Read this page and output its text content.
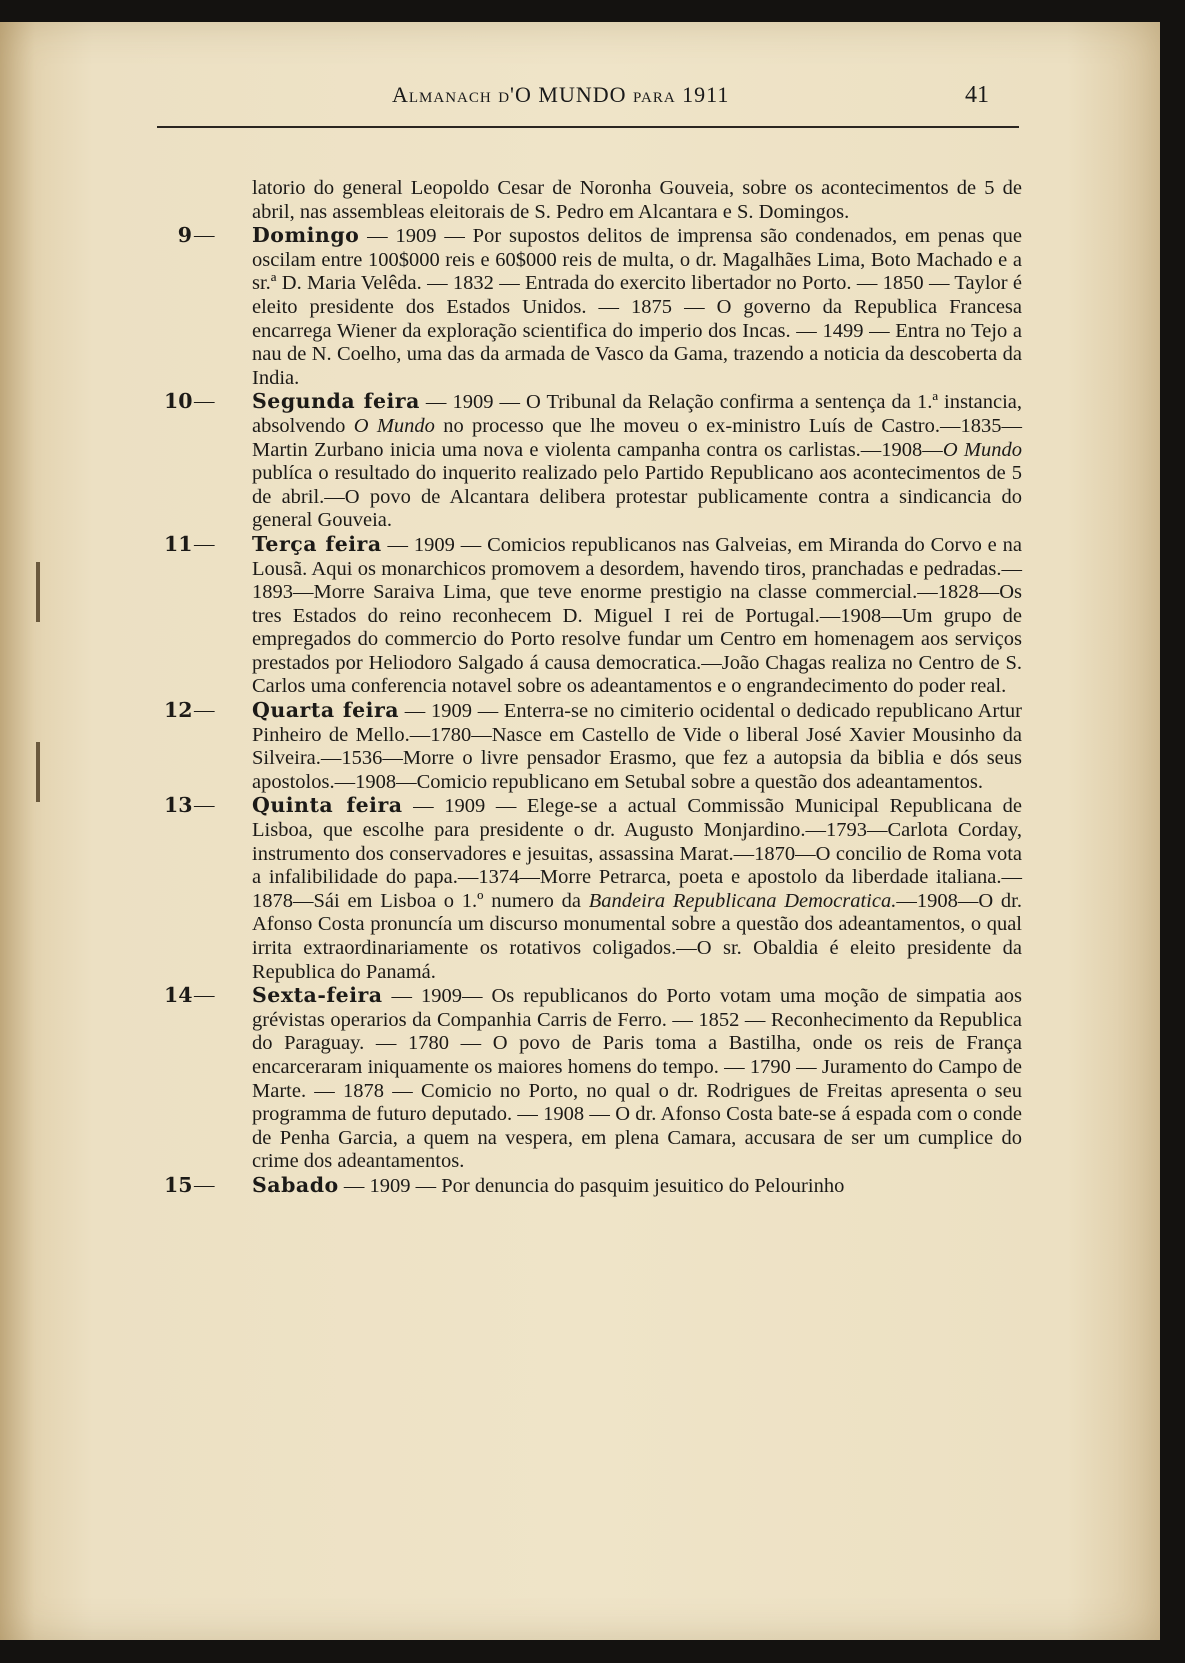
Almanach d'O MUNDO para 1911	41

latorio do general Leopoldo Cesar de Noronha Gouveia, sobre os acontecimentos de 5 de abril, nas assembleas eleitorais de S. Pedro em Alcantara e S. Domingos.

9 — Domingo — 1909 — Por supostos delitos de imprensa são condenados, em penas que oscilam entre 100$000 reis e 60$000 reis de multa, o dr. Magalhães Lima, Boto Machado e a sr.ª D. Maria Velêda. — 1832 — Entrada do exercito libertador no Porto. — 1850 — Taylor é eleito presidente dos Estados Unidos. — 1875 — O governo da Republica Francesa encarrega Wiener da exploração scientifica do imperio dos Incas. — 1499 — Entra no Tejo a nau de N. Coelho, uma das da armada de Vasco da Gama, trazendo a noticia da descoberta da India.

10 — Segunda feira — 1909 — O Tribunal da Relação confirma a sentença da 1.ª instancia, absolvendo O Mundo no processo que lhe moveu o ex-ministro Luís de Castro.—1835—Martin Zurbano inicia uma nova e violenta campanha contra os carlistas.—1908—O Mundo publíca o resultado do inquerito realizado pelo Partido Republicano aos acontecimentos de 5 de abril.—O povo de Alcantara delibera protestar publicamente contra a sindicancia do general Gouveia.

11 — Terça feira — 1909 — Comicios republicanos nas Galveias, em Miranda do Corvo e na Lousã. Aqui os monarchicos promovem a desordem, havendo tiros, pranchadas e pedradas.—1893—Morre Saraiva Lima, que teve enorme prestigio na classe commercial.—1828—Os tres Estados do reino reconhecem D. Miguel I rei de Portugal.—1908—Um grupo de empregados do commercio do Porto resolve fundar um Centro em homenagem aos serviços prestados por Heliodoro Salgado á causa democratica.—João Chagas realiza no Centro de S. Carlos uma conferencia notavel sobre os adeantamentos e o engrandecimento do poder real.

12 — Quarta feira — 1909 — Enterra-se no cimiterio ocidental o dedicado republicano Artur Pinheiro de Mello.—1780—Nasce em Castello de Vide o liberal José Xavier Mousinho da Silveira.—1536—Morre o livre pensador Erasmo, que fez a autopsia da biblia e dós seus apostolos.—1908—Comicio republicano em Setubal sobre a questão dos adeantamentos.

13 — Quinta feira — 1909 — Elege-se a actual Commissão Municipal Republicana de Lisboa, que escolhe para presidente o dr. Augusto Monjardino.—1793—Carlota Corday, instrumento dos conservadores e jesuitas, assassina Marat.—1870—O concilio de Roma vota a infalibilidade do papa.—1374—Morre Petrarca, poeta e apostolo da liberdade italiana.—1878—Sái em Lisboa o 1.º numero da Bandeira Republicana Democratica.—1908—O dr. Afonso Costa pronuncía um discurso monumental sobre a questão dos adeantamentos, o qual irrita extraordinariamente os rotativos coligados.—O sr. Obaldia é eleito presidente da Republica do Panamá.

14 — Sexta-feira — 1909— Os republicanos do Porto votam uma moção de simpatia aos grévistas operarios da Companhia Carris de Ferro. — 1852 — Reconhecimento da Republica do Paraguay. — 1780 — O povo de Paris toma a Bastilha, onde os reis de França encarceraram iniquamente os maiores homens do tempo. — 1790 — Juramento do Campo de Marte. — 1878 — Comicio no Porto, no qual o dr. Rodrigues de Freitas apresenta o seu programma de futuro deputado. — 1908 — O dr. Afonso Costa bate-se á espada com o conde de Penha Garcia, a quem na vespera, em plena Camara, accusara de ser um cumplice do crime dos adeantamentos.

15 — Sabado — 1909 — Por denuncia do pasquim jesuitico do Pelourinho
